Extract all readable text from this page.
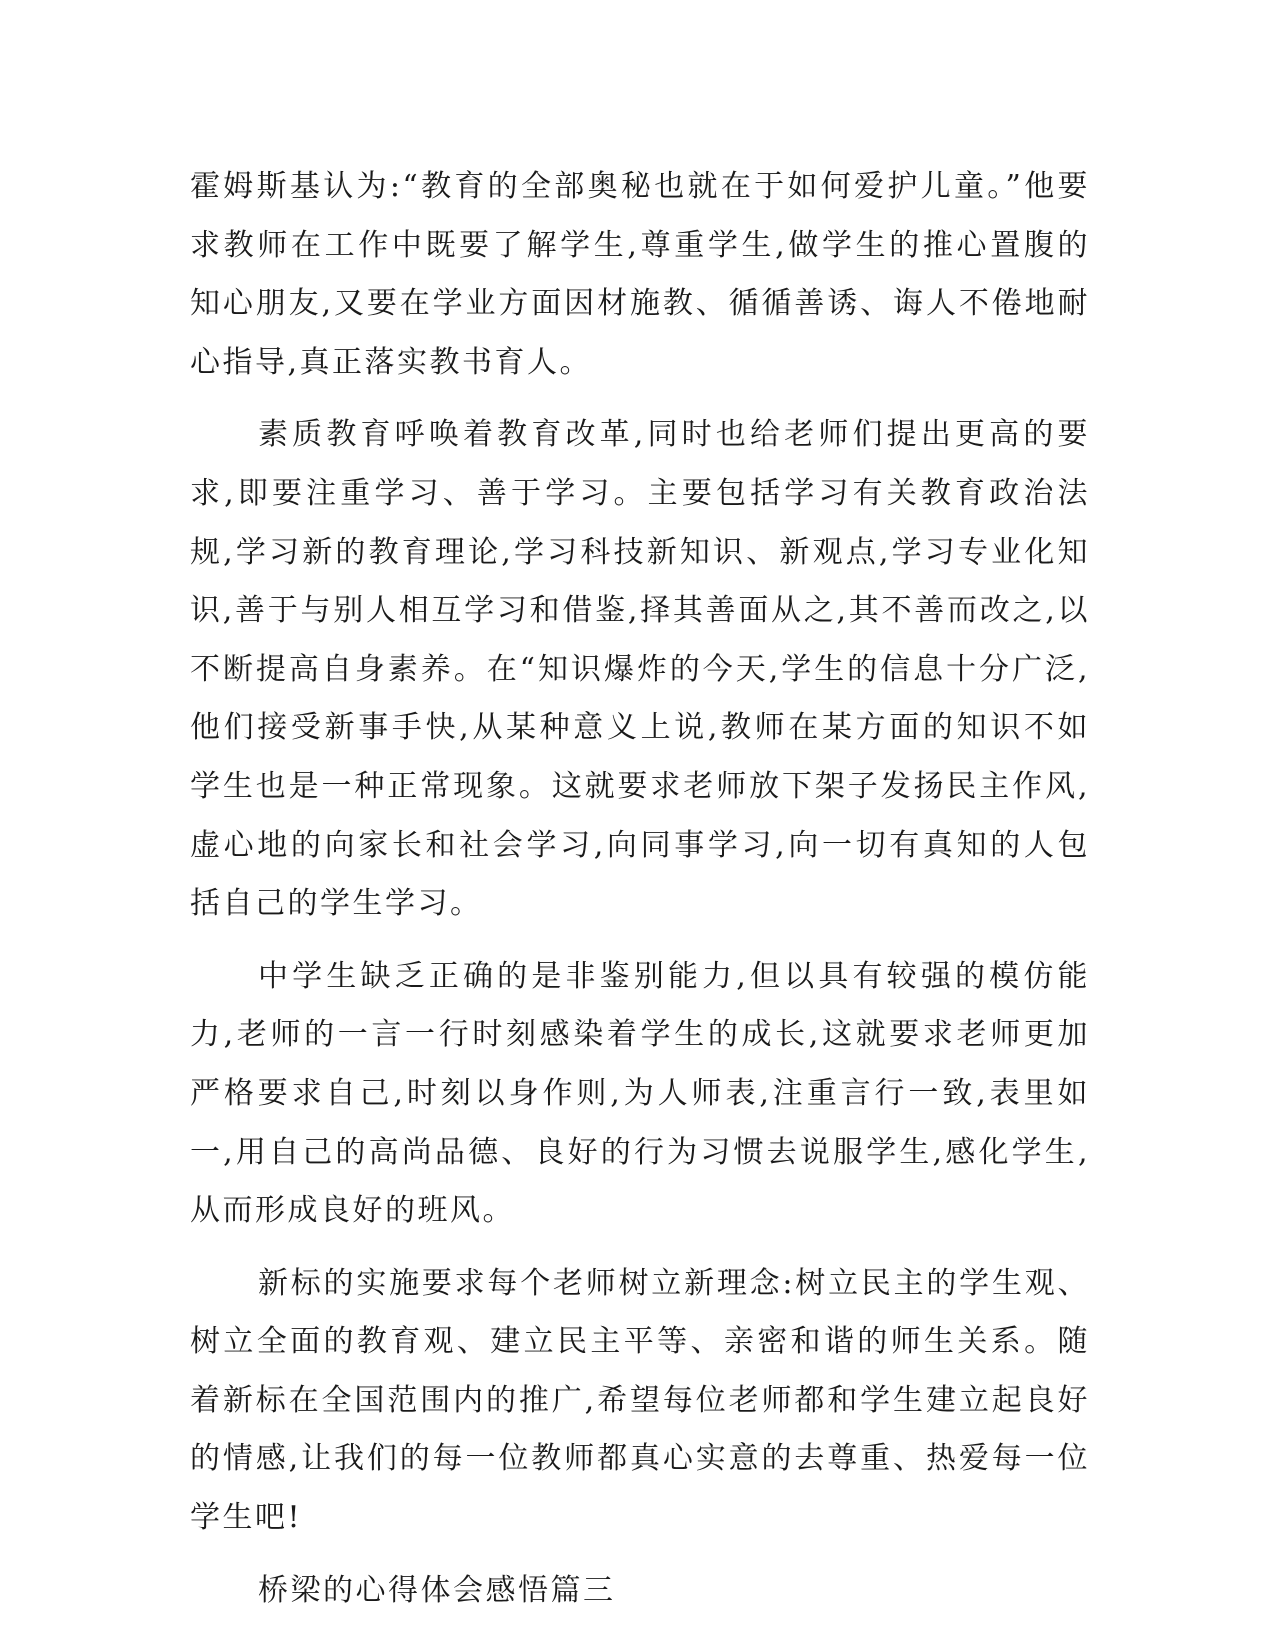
霍姆斯基认为:“教育的全部奥秘也就在于如何爱护儿童。”他要求教师在工作中既要了解学生,尊重学生,做学生的推心置腹的知心朋友,又要在学业方面因材施教、循循善诱、诲人不倦地耐心指导,真正落实教书育人。

素质教育呼唤着教育改革,同时也给老师们提出更高的要求,即要注重学习、善于学习。主要包括学习有关教育政治法规,学习新的教育理论,学习科技新知识、新观点,学习专业化知识,善于与别人相互学习和借鉴,择其善面从之,其不善而改之,以不断提高自身素养。在“知识爆炸的今天,学生的信息十分广泛,他们接受新事手快,从某种意义上说,教师在某方面的知识不如学生也是一种正常现象。这就要求老师放下架子发扬民主作风,虚心地的向家长和社会学习,向同事学习,向一切有真知的人包括自己的学生学习。

中学生缺乏正确的是非鉴别能力,但以具有较强的模仿能力,老师的一言一行时刻感染着学生的成长,这就要求老师更加严格要求自己,时刻以身作则,为人师表,注重言行一致,表里如一,用自己的高尚品德、良好的行为习惯去说服学生,感化学生,从而形成良好的班风。

新标的实施要求每个老师树立新理念:树立民主的学生观、树立全面的教育观、建立民主平等、亲密和谐的师生关系。随着新标在全国范围内的推广,希望每位老师都和学生建立起良好的情感,让我们的每一位教师都真心实意的去尊重、热爱每一位学生吧!

桥梁的心得体会感悟篇三
